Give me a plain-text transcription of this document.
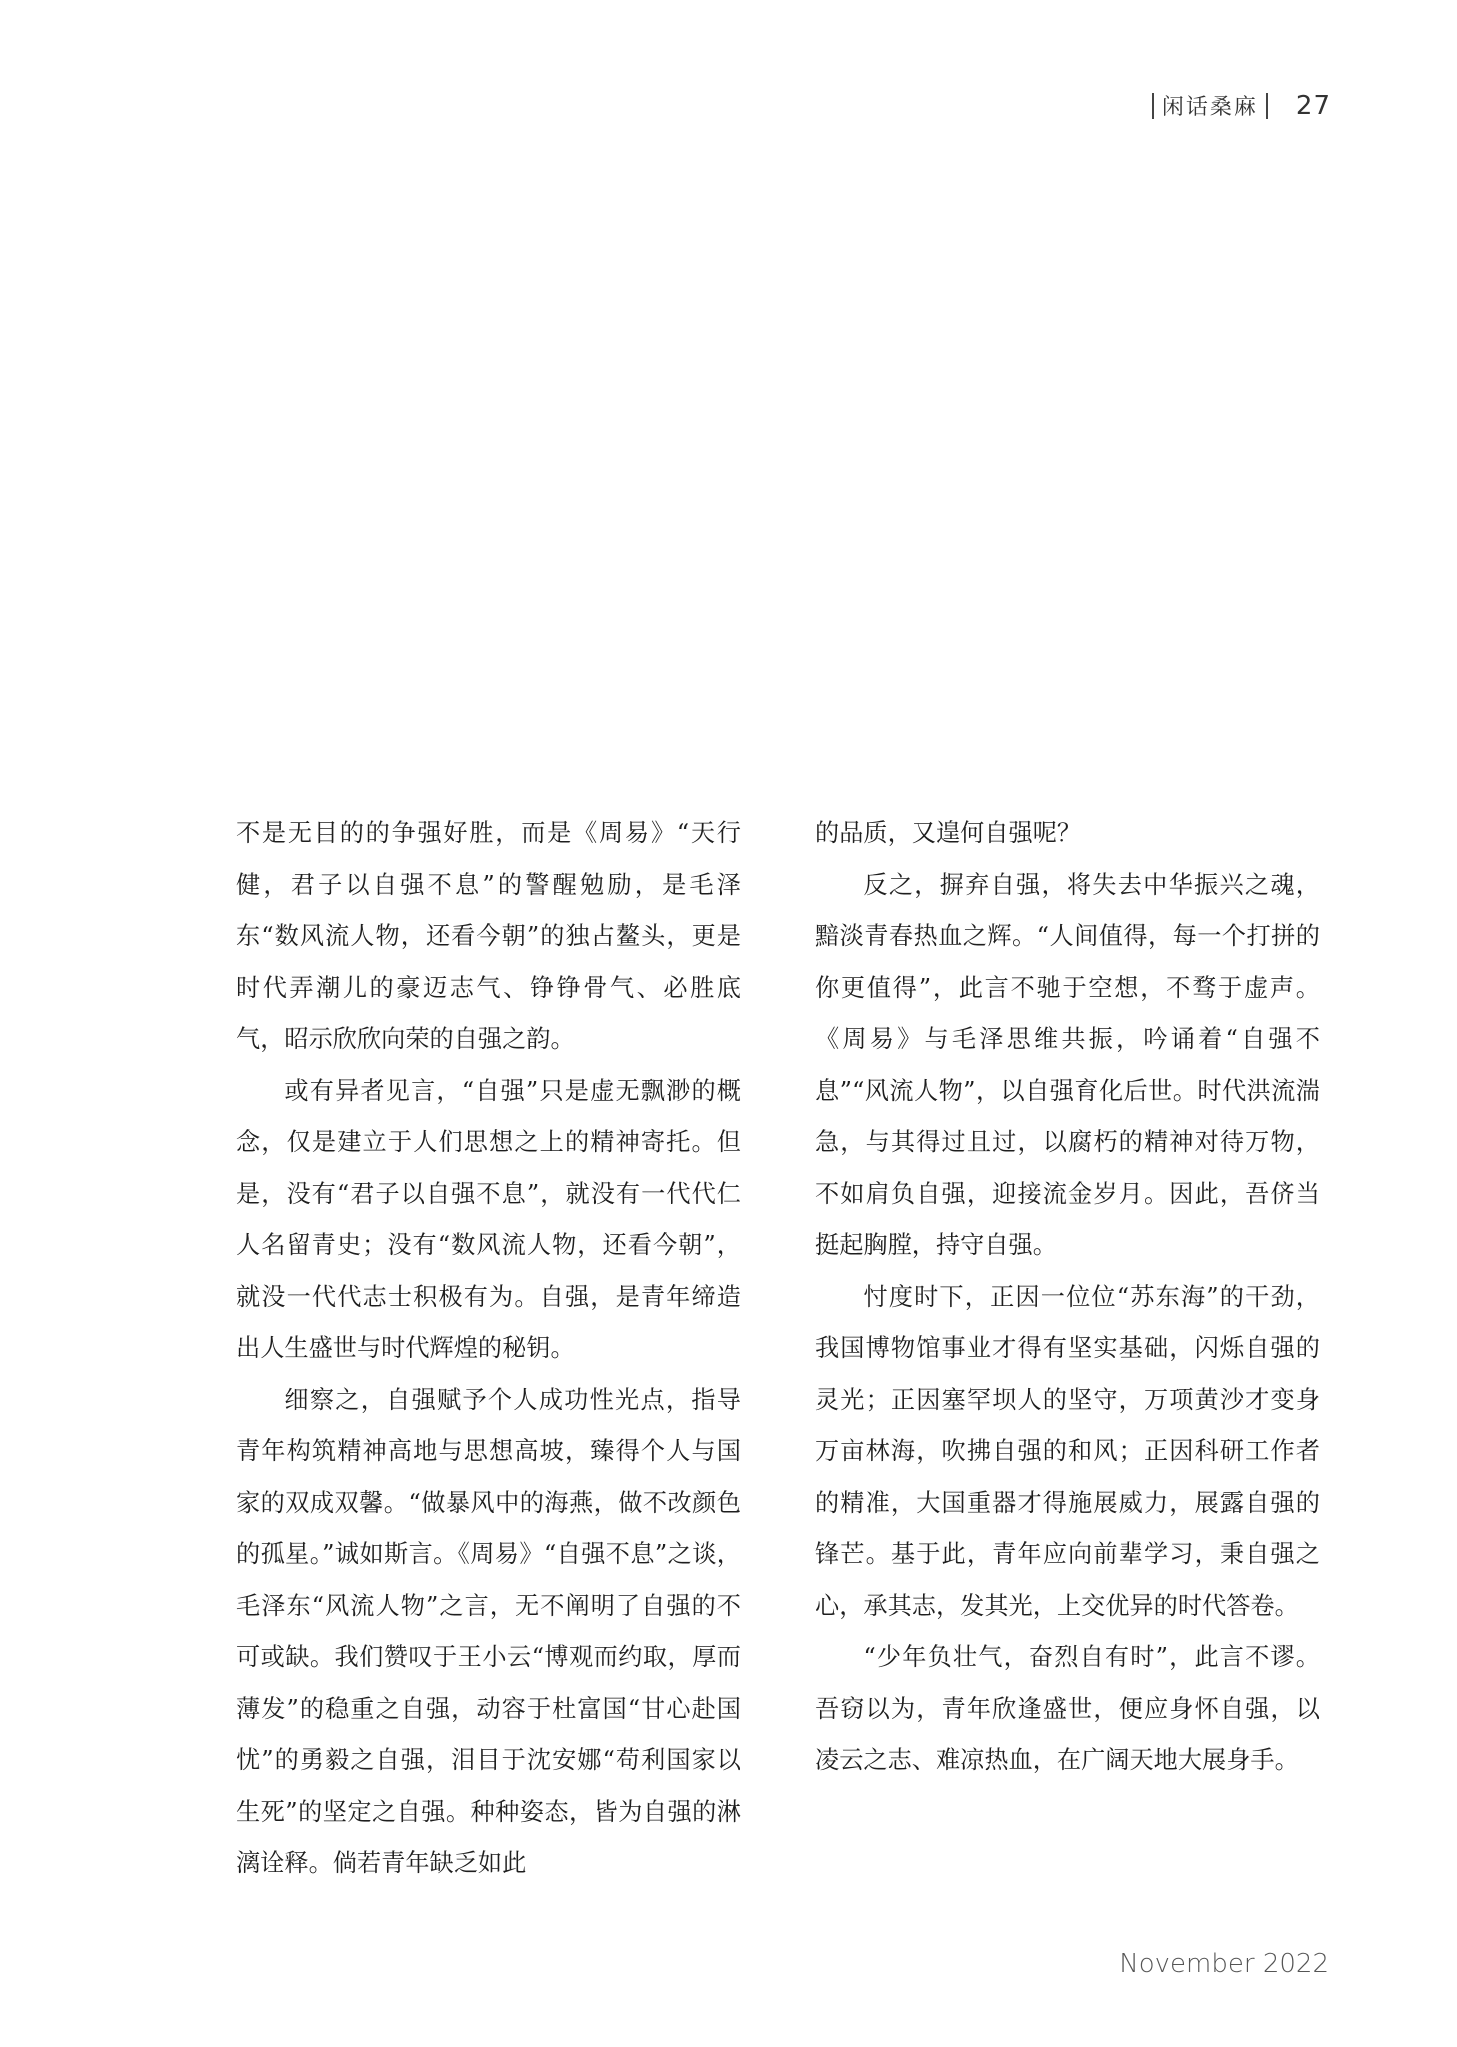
闲话桑麻 27

不是无目的的争强好胜，而是《周易》“天行健，君子以自强不息”的警醒勉励，是毛泽东“数风流人物，还看今朝”的独占鳌头，更是时代弄潮儿的豪迈志气、铮铮骨气、必胜底气，昭示欣欣向荣的自强之韵。

或有异者见言，“自强”只是虚无飘渺的概念，仅是建立于人们思想之上的精神寄托。但是，没有“君子以自强不息”，就没有一代代仁人名留青史；没有“数风流人物，还看今朝”，就没一代代志士积极有为。自强，是青年缔造出人生盛世与时代辉煌的秘钥。

细察之，自强赋予个人成功性光点，指导青年构筑精神高地与思想高坡，臻得个人与国家的双成双馨。“做暴风中的海燕，做不改颜色的孤星。”诚如斯言。《周易》“自强不息”之谈，毛泽东“风流人物”之言，无不阐明了自强的不可或缺。我们赞叹于王小云“博观而约取，厚而薄发”的稳重之自强，动容于杜富国“甘心赴国忧”的勇毅之自强，泪目于沈安娜“苟利国家以生死”的坚定之自强。种种姿态，皆为自强的淋漓诠释。倘若青年缺乏如此

的品质，又遑何自强呢？

反之，摒弃自强，将失去中华振兴之魂，黯淡青春热血之辉。“人间值得，每一个打拼的你更值得”，此言不驰于空想，不骛于虚声。《周易》与毛泽思维共振，吟诵着“自强不息”“风流人物”，以自强育化后世。时代洪流湍急，与其得过且过，以腐朽的精神对待万物，不如肩负自强，迎接流金岁月。因此，吾侪当挺起胸膛，持守自强。

忖度时下，正因一位位“苏东海”的干劲，我国博物馆事业才得有坚实基础，闪烁自强的灵光；正因塞罕坝人的坚守，万项黄沙才变身万亩林海，吹拂自强的和风；正因科研工作者的精准，大国重器才得施展威力，展露自强的锋芒。基于此，青年应向前辈学习，秉自强之心，承其志，发其光，上交优异的时代答卷。

“少年负壮气，奋烈自有时”，此言不谬。吾窃以为，青年欣逢盛世，便应身怀自强，以凌云之志、难凉热血，在广阔天地大展身手。

November 2022
